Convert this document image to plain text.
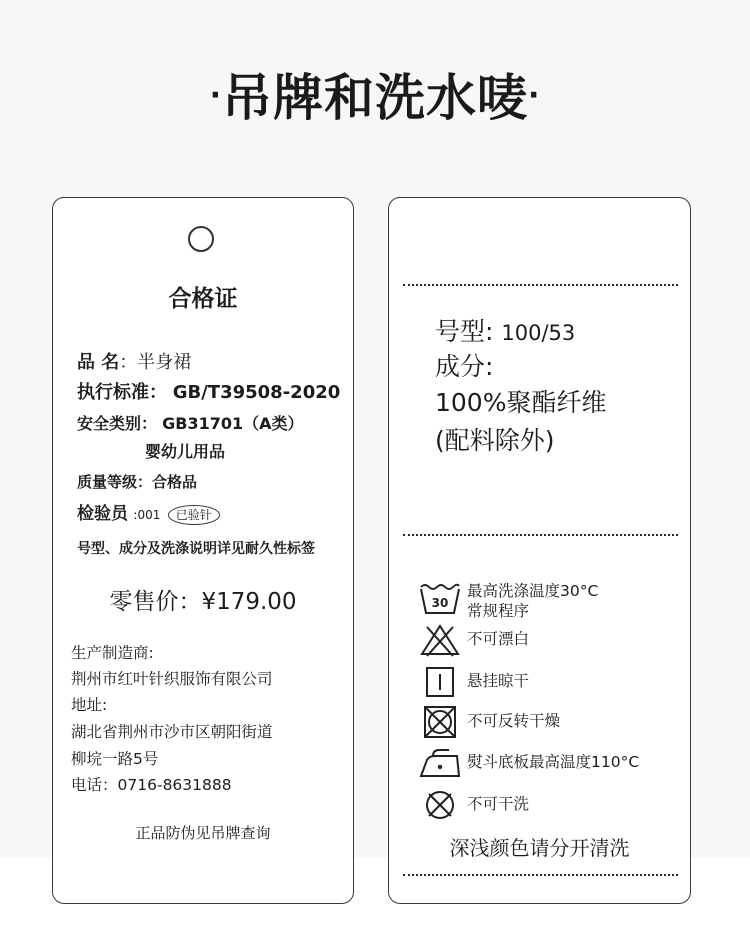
·吊牌和洗水唛·
合格证
品 名：半身裙
执行标准： GB/T39508-2020
安全类别： GB31701（A类）
婴幼儿用品
质量等级：合格品
检验员 :001 已验针
号型、成分及洗涤说明详见耐久性标签
零售价：¥179.00
生产制造商:
荆州市红叶针织服饰有限公司
地址:
湖北省荆州市沙市区朝阳街道
柳垸一路5号
电话：0716-8631888
正品防伪见吊牌查询
号型: 100/53
成分:
100%聚酯纤维
(配料除外)
30
最高洗涤温度30°C
常规程序
不可漂白
悬挂晾干
不可反转干燥
熨斗底板最高温度110°C
不可干洗
深浅颜色请分开清洗
